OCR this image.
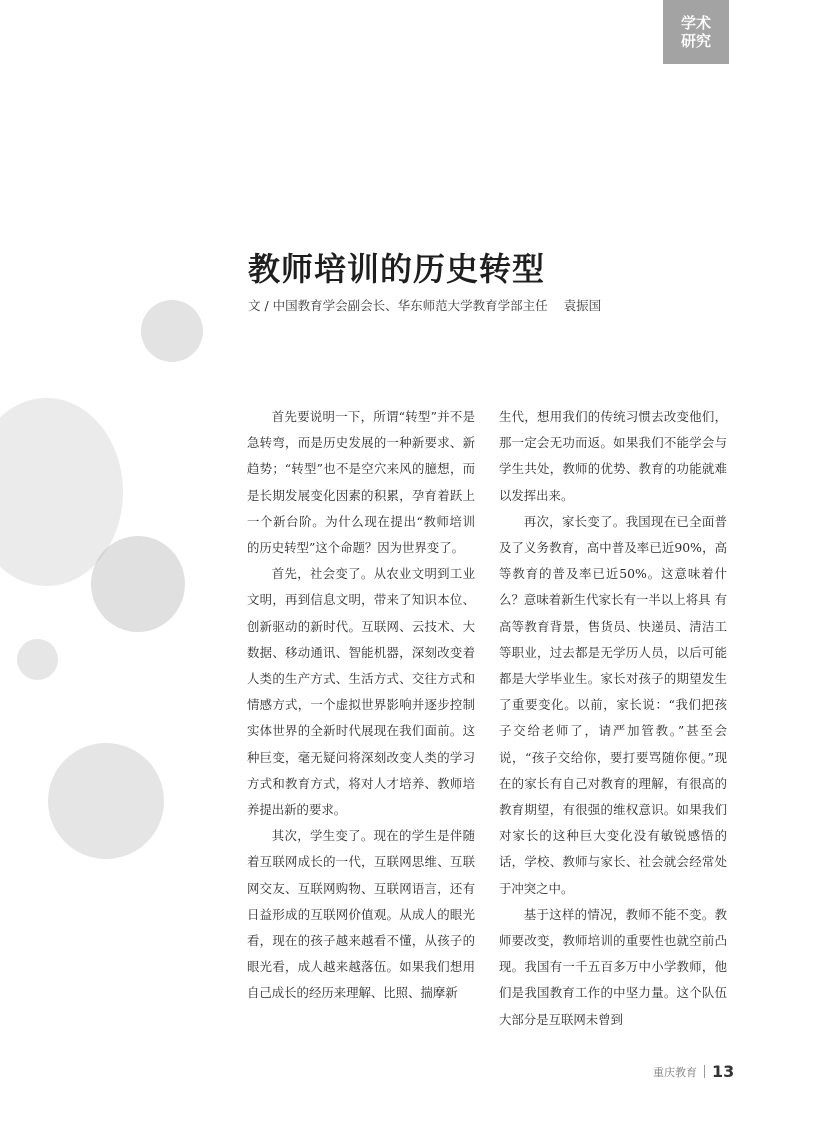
学术
研究
教师培训的历史转型
文 / 中国教育学会副会长、华东师范大学教育学部主任 袁振国

首先要说明一下，所谓“转型”并不是急转弯，而是历史发展的一种新要求、新趋势；“转型”也不是空穴来风的臆想，而是长期发展变化因素的积累，孕育着跃上一个新台阶。为什么现在提出“教师培训的历史转型”这个命题？因为世界变了。

首先，社会变了。从农业文明到工业文明，再到信息文明，带来了知识本位、创新驱动的新时代。互联网、云技术、大数据、移动通讯、智能机器，深刻改变着人类的生产方式、生活方式、交往方式和情感方式，一个虚拟世界影响并逐步控制实体世界的全新时代展现在我们面前。这种巨变，毫无疑问将深刻改变人类的学习方式和教育方式，将对人才培养、教师培养提出新的要求。

其次，学生变了。现在的学生是伴随着互联网成长的一代，互联网思维、互联网交友、互联网购物、互联网语言，还有日益形成的互联网价值观。从成人的眼光看，现在的孩子越来越看不懂，从孩子的眼光看，成人越来越落伍。如果我们想用自己成长的经历来理解、比照、揣摩新

生代，想用我们的传统习惯去改变他们，那一定会无功而返。如果我们不能学会与学生共处，教师的优势、教育的功能就难以发挥出来。

再次，家长变了。我国现在已全面普及了义务教育，高中普及率已近90%，高等教育的普及率已近50%。这意味着什么？意味着新生代家长有一半以上将具 有高等教育背景，售货员、快递员、清洁工等职业，过去都是无学历人员，以后可能都是大学毕业生。家长对孩子的期望发生了重要变化。以前，家长说：“我们把孩子交给老师了，请严加管教。”甚至会说，“孩子交给你，要打要骂随你便。”现在的家长有自己对教育的理解，有很高的教育期望，有很强的维权意识。如果我们对家长的这种巨大变化没有敏锐感悟的话，学校、教师与家长、社会就会经常处于冲突之中。

基于这样的情况，教师不能不变。教师要改变，教师培训的重要性也就空前凸现。我国有一千五百多万中小学教师，他们是我国教育工作的中坚力量。这个队伍大部分是互联网未曾到

重庆教育 13
